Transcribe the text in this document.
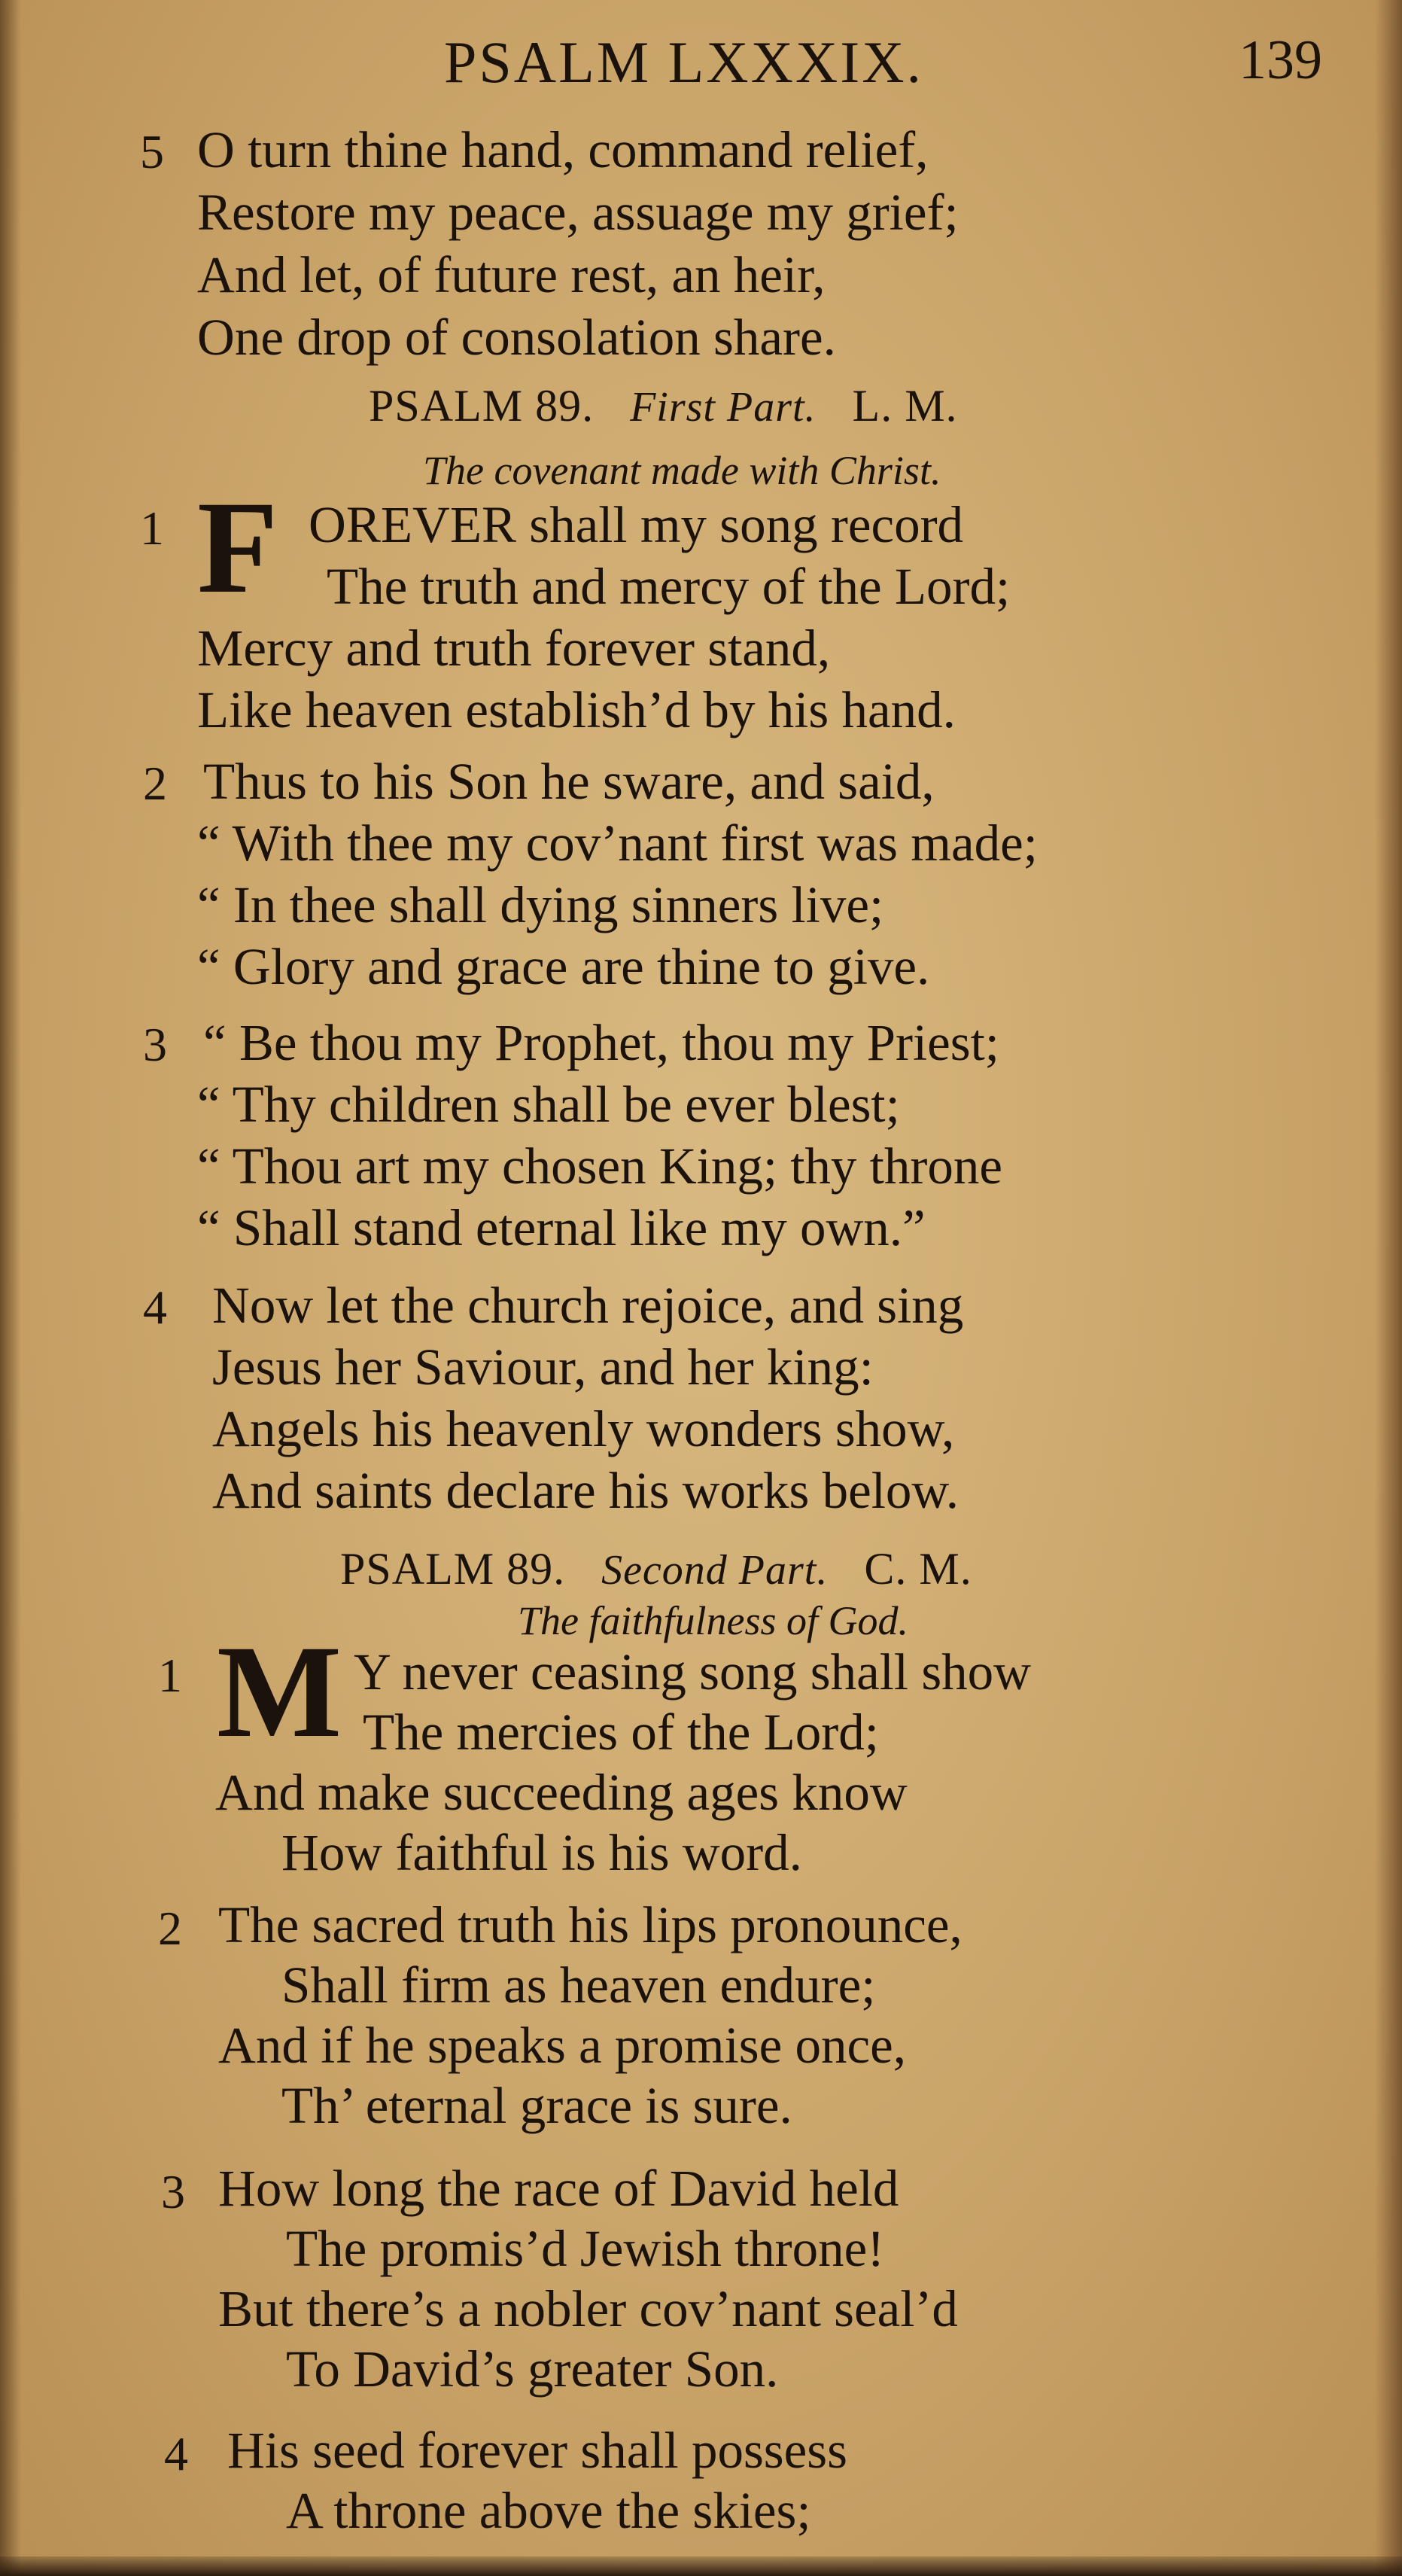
PSALM LXXXIX.	139
5 O turn thine hand, command relief,
Restore my peace, assuage my grief;
And let, of future rest, an heir,
One drop of consolation share.
PSALM 89. First Part. L. M.
The covenant made with Christ.
1 F OREVER shall my song record
The truth and mercy of the Lord;
Mercy and truth forever stand,
Like heaven establish’d by his hand.
2 Thus to his Son he sware, and said,
“ With thee my cov’nant first was made;
“ In thee shall dying sinners live;
“ Glory and grace are thine to give.
3 “ Be thou my Prophet, thou my Priest;
“ Thy children shall be ever blest;
“ Thou art my chosen King; thy throne
“ Shall stand eternal like my own.”
4 Now let the church rejoice, and sing
Jesus her Saviour, and her king:
Angels his heavenly wonders show,
And saints declare his works below.
PSALM 89. Second Part. C. M.
The faithfulness of God.
1 M Y never ceasing song shall show
The mercies of the Lord;
And make succeeding ages know
How faithful is his word.
2 The sacred truth his lips pronounce,
Shall firm as heaven endure;
And if he speaks a promise once,
Th’ eternal grace is sure.
3 How long the race of David held
The promis’d Jewish throne!
But there’s a nobler cov’nant seal’d
To David’s greater Son.
4 His seed forever shall possess
A throne above the skies;
